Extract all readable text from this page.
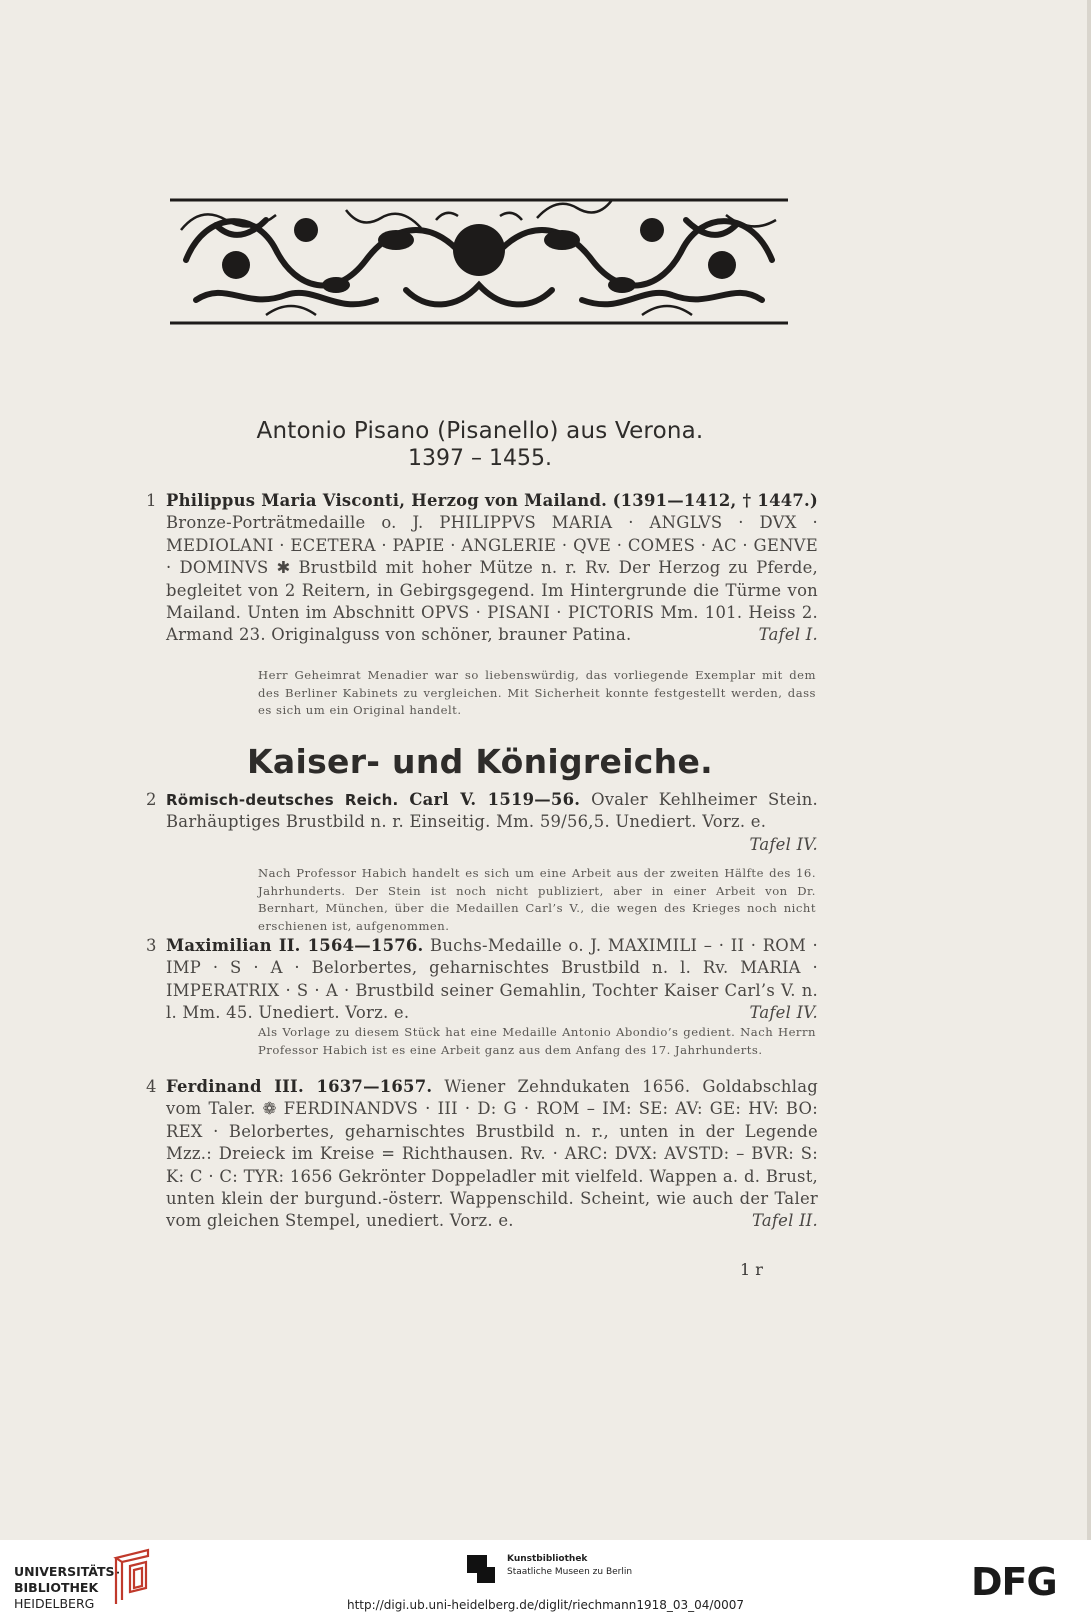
Antonio Pisano (Pisanello) aus Verona.
1397 – 1455.
1 Philippus Maria Visconti, Herzog von Mailand. (1391—1412, † 1447.) Bronze-Porträtmedaille o. J. PHILIPPVS MARIA · ANGLVS · DVX · MEDIOLANI · ECETERA · PAPIE · ANGLERIE · QVE · COMES · AC · GENVE · DOMINVS ✱ Brustbild mit hoher Mütze n. r. Rv. Der Herzog zu Pferde, begleitet von 2 Reitern, in Gebirgsgegend. Im Hintergrunde die Türme von Mailand. Unten im Abschnitt OPVS · PISANI · PICTORIS Mm. 101. Heiss 2. Armand 23. Originalguss von schöner, brauner Patina.	Tafel I.
Herr Geheimrat Menadier war so liebenswürdig, das vorliegende Exemplar mit dem des Berliner Kabinets zu vergleichen. Mit Sicherheit konnte festgestellt werden, dass es sich um ein Original handelt.
Kaiser- und Königreiche.
2 Römisch-deutsches Reich. Carl V. 1519—56. Ovaler Kehlheimer Stein. Barhäuptiges Brustbild n. r. Einseitig. Mm. 59/56,5. Unediert. Vorz. e.
Tafel IV.
Nach Professor Habich handelt es sich um eine Arbeit aus der zweiten Hälfte des 16. Jahrhunderts. Der Stein ist noch nicht publiziert, aber in einer Arbeit von Dr. Bernhart, München, über die Medaillen Carl’s V., die wegen des Krieges noch nicht erschienen ist, aufgenommen.
3 Maximilian II. 1564—1576. Buchs-Medaille o. J. MAXIMILI – · II · ROM · IMP · S · A · Belorbertes, geharnischtes Brustbild n. l. Rv. MARIA · IMPERATRIX · S · A · Brustbild seiner Gemahlin, Tochter Kaiser Carl’s V. n. l. Mm. 45. Unediert. Vorz. e.	Tafel IV.
Als Vorlage zu diesem Stück hat eine Medaille Antonio Abondio’s gedient. Nach Herrn Professor Habich ist es eine Arbeit ganz aus dem Anfang des 17. Jahrhunderts.
4 Ferdinand III. 1637—1657. Wiener Zehndukaten 1656. Goldabschlag vom Taler. ❁ FERDINANDVS · III · D: G · ROM – IM: SE: AV: GE: HV: BO: REX · Belorbertes, geharnischtes Brustbild n. r., unten in der Legende Mzz.: Dreieck im Kreise = Richthausen. Rv. · ARC: DVX: AVSTD: – BVR: S: K: C · C: TYR: 1656 Gekrönter Doppeladler mit vielfeld. Wappen a. d. Brust, unten klein der burgund.-österr. Wappenschild. Scheint, wie auch der Taler vom gleichen Stempel, unediert. Vorz. e.	Tafel II.
1 r
UNIVERSITÄTS-
BIBLIOTHEK
HEIDELBERG
Kunstbibliothek
Staatliche Museen zu Berlin	DFG
http://digi.ub.uni-heidelberg.de/diglit/riechmann1918_03_04/0007
